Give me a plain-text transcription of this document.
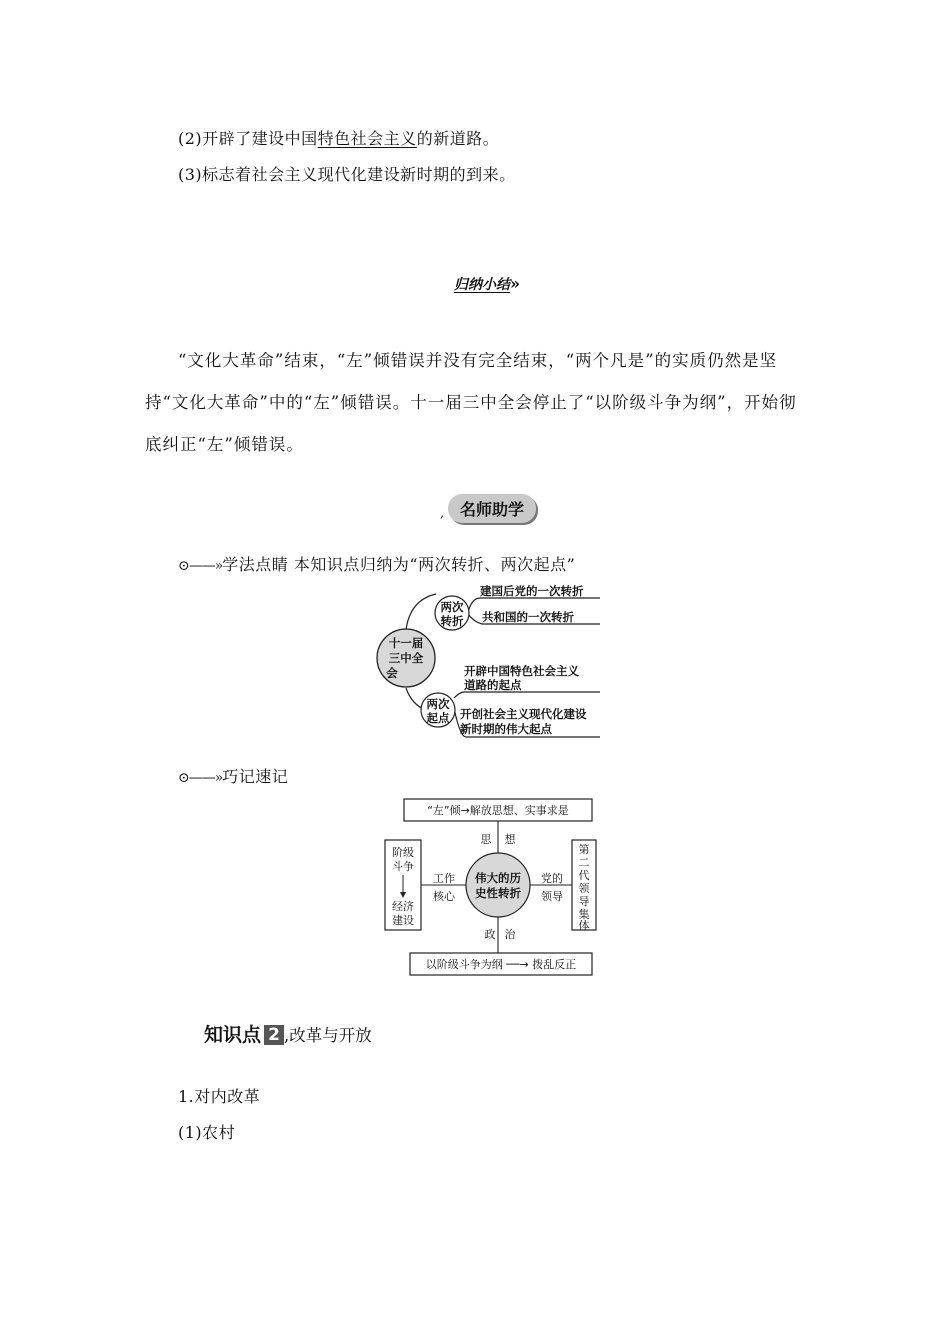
(2)开辟了建设中国特色社会主义的新道路。
(3)标志着社会主义现代化建设新时期的到来。
归纳小结»
“文化大革命”结束，“左”倾错误并没有完全结束，“两个凡是”的实质仍然是坚持“文化大革命”中的“左”倾错误。十一届三中全会停止了“以阶级斗争为纲”，开始彻底纠正“左”倾错误。
名师助学
,
⊙——»学法点睛 本知识点归纳为“两次转折、两次起点”
十一届
三中全
会
两次
转折
建国后党的一次转折
共和国的一次转折
两次
起点
开辟中国特色社会主义
道路的起点
开创社会主义现代化建设
新时期的伟大起点
⊙——»巧记速记
“左”倾→解放思想、实事求是
以阶级斗争为纲 ──→ 拨乱反正
阶级
斗争
经济
建设
第
二
代
领
导
集
体
伟大的历
史性转折
思 想
政 治
工作
核心
党的
领导
知识点 2 ,改革与开放
1.对内改革
(1)农村
